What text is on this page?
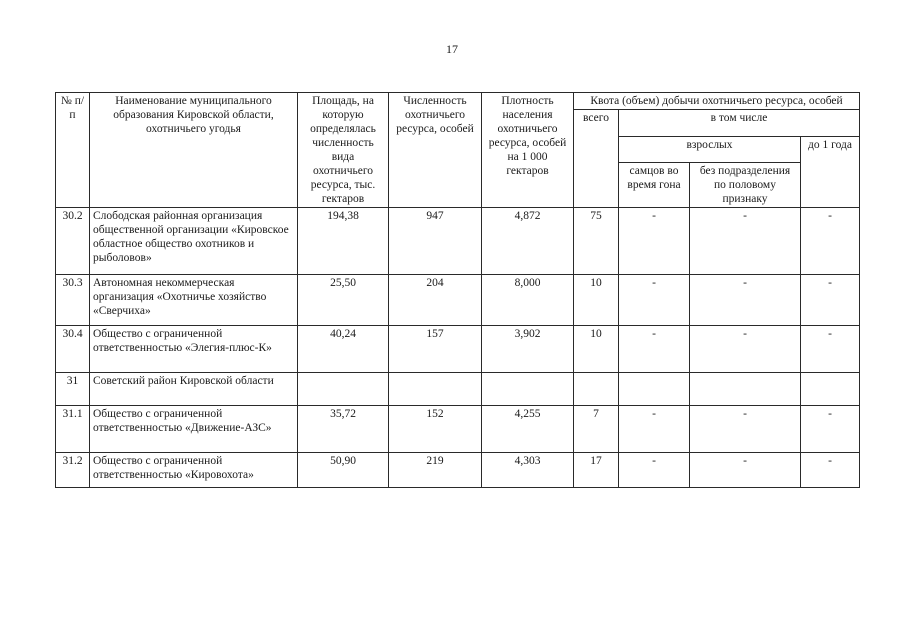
17
№ п/п	Наименование муниципального образования Кировской области, охотничьего угодья	Площадь, на которую определялась численность вида охотничьего ресурса, тыс. гектаров	Численность охотничьего ресурса, особей	Плотность населения охотничьего ресурса, особей на 1 000 гектаров	Квота (объем) добычи охотничьего ресурса, особей			
					всего	в том числе		
						взрослых		до 1 года
						самцов во время гона	без подразделения по половому признаку	
30.2	Слободская районная организация общественной организации «Кировское областное общество охотников и рыболовов»	194,38	947	4,872	75	-	-	-
30.3	Автономная некоммерческая организация «Охотничье хозяйство «Сверчиха»	25,50	204	8,000	10	-	-	-
30.4	Общество с ограниченной ответственностью «Элегия-плюс-К»	40,24	157	3,902	10	-	-	-
31	Советский район Кировской области							
31.1	Общество с ограниченной ответственностью «Движение-АЗС»	35,72	152	4,255	7	-	-	-
31.2	Общество с ограниченной ответственностью «Кировохота»	50,90	219	4,303	17	-	-	-
